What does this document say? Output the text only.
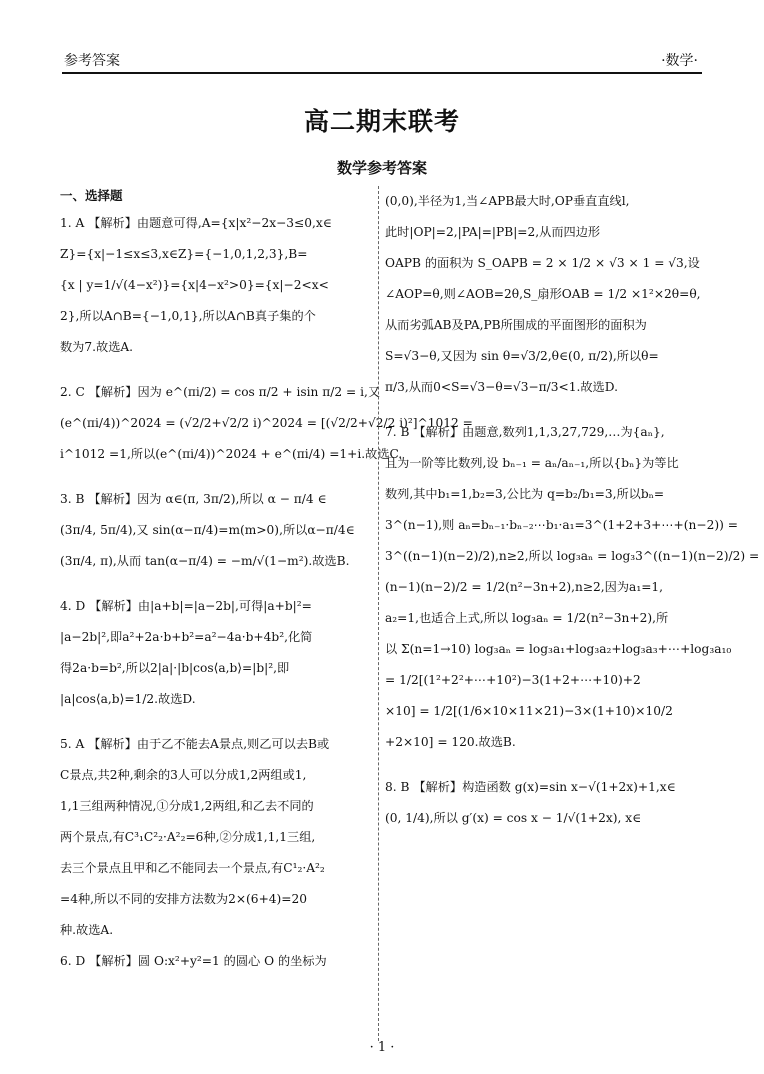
参考答案	·数学·
高二期末联考
数学参考答案
一、选择题
1. A 【解析】由题意可得,A={x|x²−2x−3≤0,x∈
Z}={x|−1≤x≤3,x∈Z}={−1,0,1,2,3},B=
{x | y=1/√(4−x²)}={x|4−x²>0}={x|−2<x<
2},所以A∩B={−1,0,1},所以A∩B真子集的个
数为7.故选A.
2. C 【解析】因为 e^(πi/2) = cos π/2 + isin π/2 = i,又
(e^(πi/4))^2024 = (√2/2+√2/2 i)^2024 = [(√2/2+√2/2 i)²]^1012 =
i^1012 =1,所以(e^(πi/4))^2024 + e^(πi/4) =1+i.故选C.
3. B 【解析】因为 α∈(π, 3π/2),所以 α − π/4 ∈
(3π/4, 5π/4),又 sin(α−π/4)=m(m>0),所以α−π/4∈
(3π/4, π),从而 tan(α−π/4) = −m/√(1−m²).故选B.
4. D 【解析】由|a+b|=|a−2b|,可得|a+b|²=
|a−2b|²,即a²+2a·b+b²=a²−4a·b+4b²,化简
得2a·b=b²,所以2|a|·|b|cos⟨a,b⟩=|b|²,即
|a|cos⟨a,b⟩=1/2.故选D.
5. A 【解析】由于乙不能去A景点,则乙可以去B或
C景点,共2种,剩余的3人可以分成1,2两组或1,
1,1三组两种情况,①分成1,2两组,和乙去不同的
两个景点,有C³₁C²₂·A²₂=6种,②分成1,1,1三组,
去三个景点且甲和乙不能同去一个景点,有C¹₂·A²₂
=4种,所以不同的安排方法数为2×(6+4)=20
种.故选A.
6. D 【解析】圆 O:x²+y²=1 的圆心 O 的坐标为
(0,0),半径为1,当∠APB最大时,OP垂直直线l,
此时|OP|=2,|PA|=|PB|=2,从而四边形
OAPB 的面积为 S_OAPB = 2 × 1/2 × √3 × 1 = √3,设
∠AOP=θ,则∠AOB=2θ,S_扇形OAB = 1/2 ×1²×2θ=θ,
从而劣弧AB及PA,PB所围成的平面图形的面积为
S=√3−θ,又因为 sin θ=√3/2,θ∈(0, π/2),所以θ=
π/3,从而0<S=√3−θ=√3−π/3<1.故选D.
7. B 【解析】由题意,数列1,1,3,27,729,…为{aₙ},
且为一阶等比数列,设 bₙ₋₁ = aₙ/aₙ₋₁,所以{bₙ}为等比
数列,其中b₁=1,b₂=3,公比为 q=b₂/b₁=3,所以bₙ=
3^(n−1),则 aₙ=bₙ₋₁·bₙ₋₂⋯b₁·a₁=3^(1+2+3+⋯+(n−2)) =
3^((n−1)(n−2)/2),n≥2,所以 log₃aₙ = log₃3^((n−1)(n−2)/2) =
(n−1)(n−2)/2 = 1/2(n²−3n+2),n≥2,因为a₁=1,
a₂=1,也适合上式,所以 log₃aₙ = 1/2(n²−3n+2),所
以 Σ(n=1→10) log₃aₙ = log₃a₁+log₃a₂+log₃a₃+⋯+log₃a₁₀
= 1/2[(1²+2²+⋯+10²)−3(1+2+⋯+10)+2
×10] = 1/2[(1/6×10×11×21)−3×(1+10)×10/2
+2×10] = 120.故选B.
8. B 【解析】构造函数 g(x)=sin x−√(1+2x)+1,x∈
(0, 1/4),所以 g′(x) = cos x − 1/√(1+2x), x∈
· 1 ·
